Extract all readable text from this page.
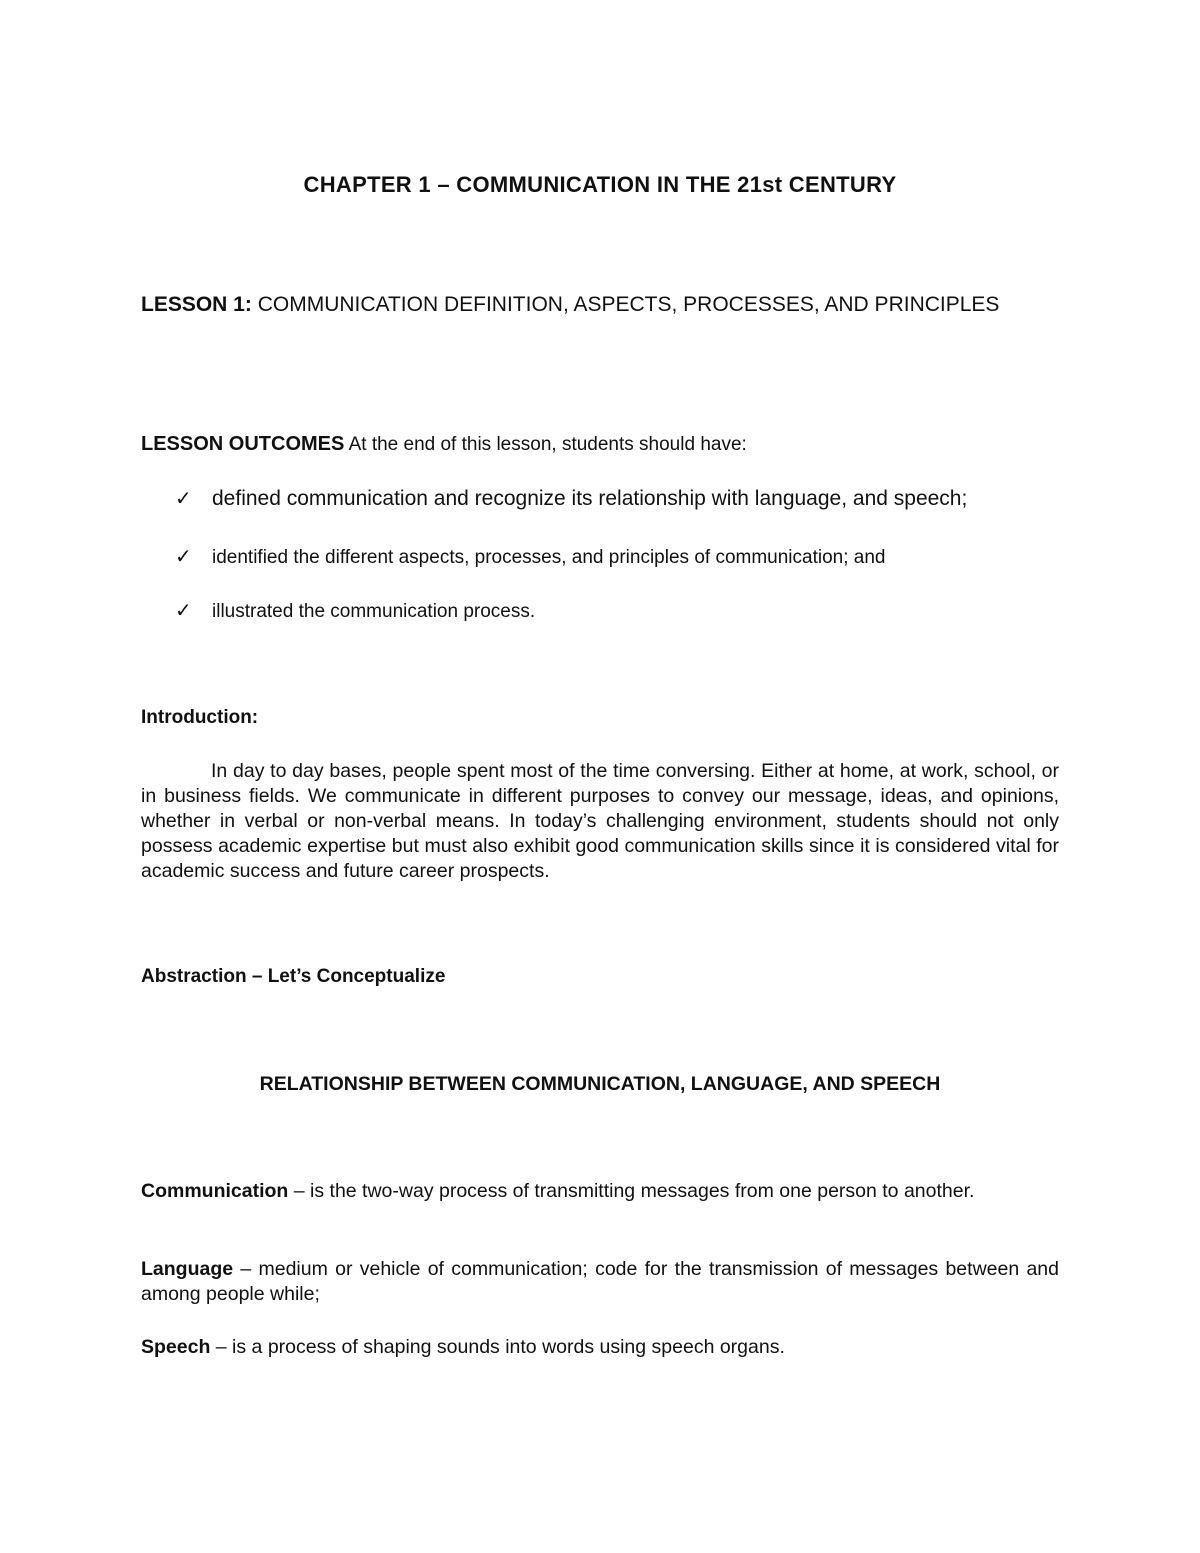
CHAPTER 1 – COMMUNICATION IN THE 21st CENTURY
LESSON 1: COMMUNICATION DEFINITION, ASPECTS, PROCESSES, AND PRINCIPLES
LESSON OUTCOMES At the end of this lesson, students should have:
✓ defined communication and recognize its relationship with language, and speech;
✓	identified the different aspects, processes, and principles of communication; and
✓	illustrated the communication process.
Introduction:

In day to day bases, people spent most of the time conversing. Either at home, at work, school, or in business fields. We communicate in different purposes to convey our message, ideas, and opinions, whether in verbal or non-verbal means. In today’s challenging environment, students should not only possess academic expertise but must also exhibit good communication skills since it is considered vital for academic success and future career prospects.

Abstraction – Let’s Conceptualize
RELATIONSHIP BETWEEN COMMUNICATION, LANGUAGE, AND SPEECH

Communication – is the two-way process of transmitting messages from one person to another.

Language – medium or vehicle of communication; code for the transmission of messages between and among people while;

Speech – is a process of shaping sounds into words using speech organs.
